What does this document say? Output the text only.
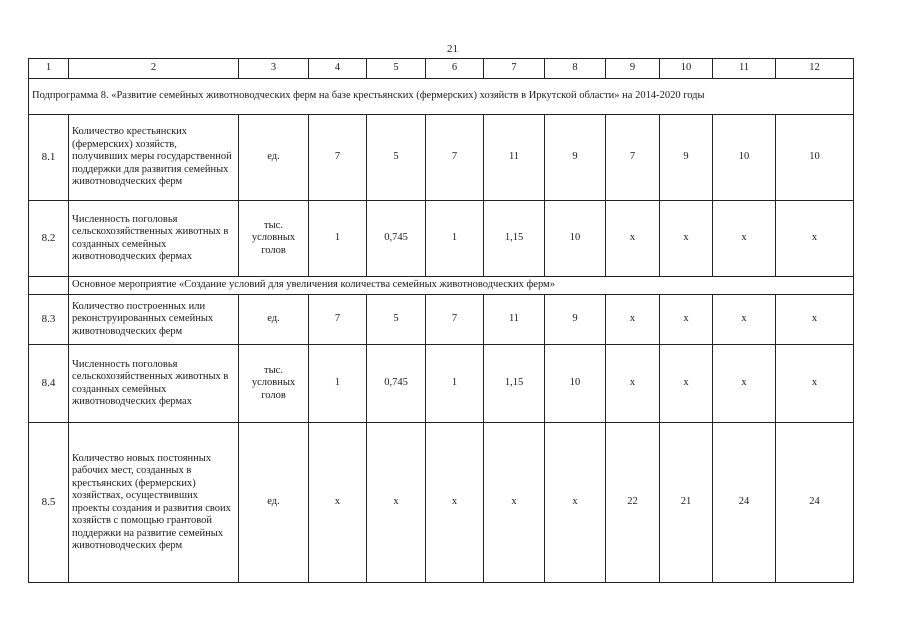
21
1	2	3	4	5	6	7	8	9	10	11	12
Подпрограмма 8. «Развитие семейных животноводческих ферм на базе крестьянских (фермерских) хозяйств в Иркутской области» на 2014-2020 годы											
8.1	Количество крестьянских (фермерских) хозяйств, получивших меры государственной поддержки для развития семейных животноводческих ферм	ед.	7	5	7	11	9	7	9	10	10
8.2	Численность поголовья сельскохозяйственных животных в созданных семейных животноводческих фермах	тыс. условных голов	1	0,745	1	1,15	10	х	х	х	х
	Основное мероприятие «Создание условий для увеличения количества семейных животноводческих ферм»										
8.3	Количество построенных или реконструированных семейных животноводческих ферм	ед.	7	5	7	11	9	х	х	х	х
8.4	Численность поголовья сельскохозяйственных животных в созданных семейных животноводческих фермах	тыс. условных голов	1	0,745	1	1,15	10	х	х	х	х
8.5	Количество новых постоянных рабочих мест, созданных в крестьянских (фермерских) хозяйствах, осуществивших проекты создания и развития своих хозяйств с помощью грантовой поддержки на развитие семейных животноводческих ферм	ед.	х	х	х	х	х	22	21	24	24
